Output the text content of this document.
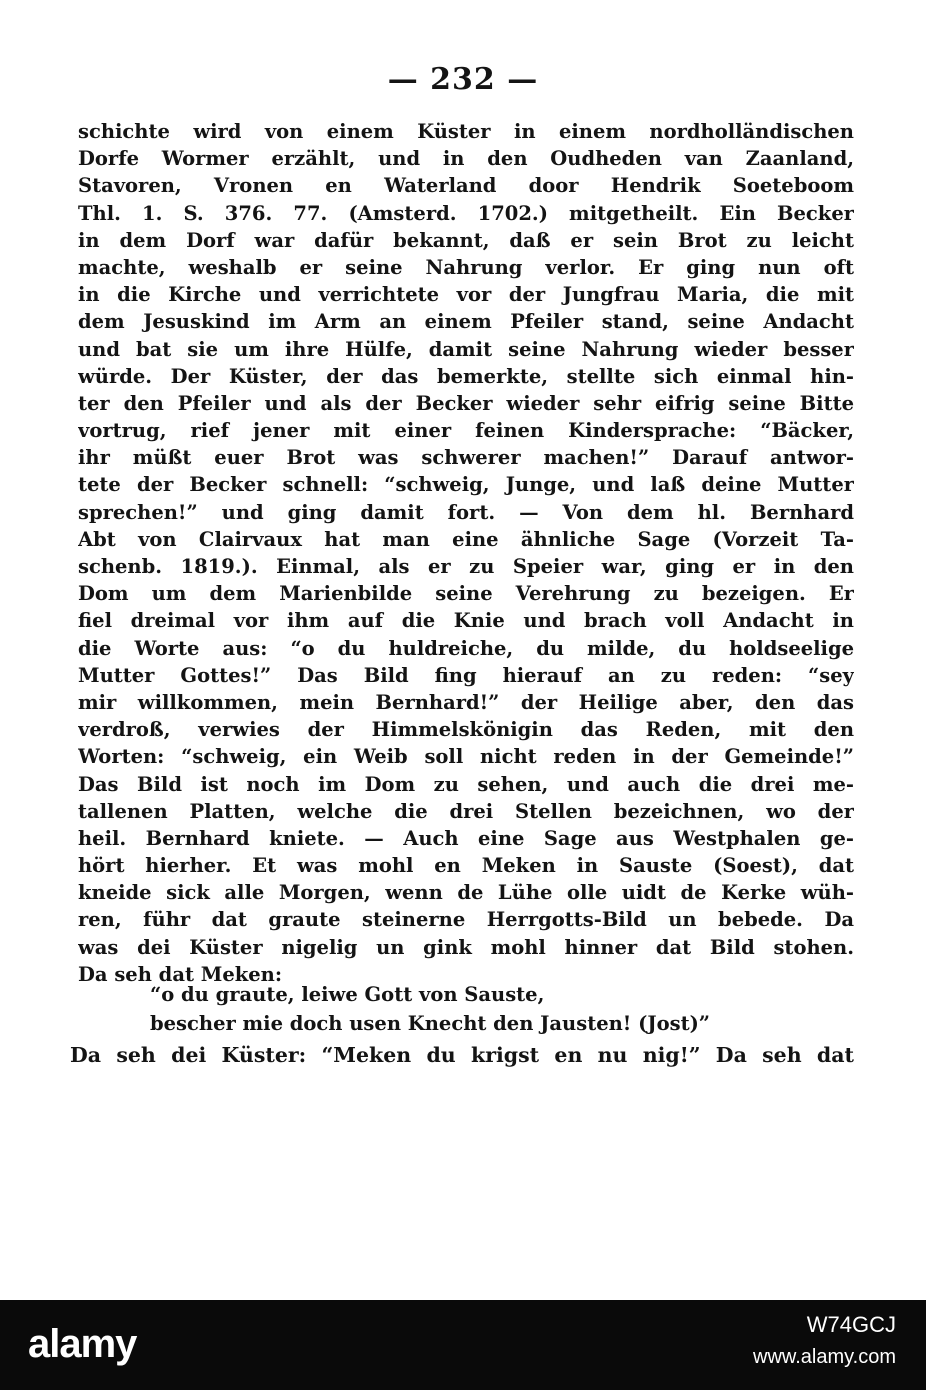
— 232 —
schichte wird von einem Küster in einem nordholländischen
Dorfe Wormer erzählt, und in den Oudheden van Zaanland,
Stavoren, Vronen en Waterland door Hendrik Soeteboom
Thl. 1. S. 376. 77. (Amsterd. 1702.) mitgetheilt. Ein Becker
in dem Dorf war dafür bekannt, daß er sein Brot zu leicht
machte, weshalb er seine Nahrung verlor. Er ging nun oft
in die Kirche und verrichtete vor der Jungfrau Maria, die mit
dem Jesuskind im Arm an einem Pfeiler stand, seine Andacht
und bat sie um ihre Hülfe, damit seine Nahrung wieder besser
würde. Der Küster, der das bemerkte, stellte sich einmal hin-
ter den Pfeiler und als der Becker wieder sehr eifrig seine Bitte
vortrug, rief jener mit einer feinen Kindersprache: “Bäcker,
ihr müßt euer Brot was schwerer machen!” Darauf antwor-
tete der Becker schnell: “schweig, Junge, und laß deine Mutter
sprechen!” und ging damit fort. — Von dem hl. Bernhard
Abt von Clairvaux hat man eine ähnliche Sage (Vorzeit Ta-
schenb. 1819.). Einmal, als er zu Speier war, ging er in den
Dom um dem Marienbilde seine Verehrung zu bezeigen. Er
fiel dreimal vor ihm auf die Knie und brach voll Andacht in
die Worte aus: “o du huldreiche, du milde, du holdseelige
Mutter Gottes!” Das Bild fing hierauf an zu reden: “sey
mir willkommen, mein Bernhard!” der Heilige aber, den das
verdroß, verwies der Himmelskönigin das Reden, mit den
Worten: “schweig, ein Weib soll nicht reden in der Gemeinde!”
Das Bild ist noch im Dom zu sehen, und auch die drei me-
tallenen Platten, welche die drei Stellen bezeichnen, wo der
heil. Bernhard kniete. — Auch eine Sage aus Westphalen ge-
hört hierher. Et was mohl en Meken in Sauste (Soest), dat
kneide sick alle Morgen, wenn de Lühe olle uidt de Kerke wüh-
ren, führ dat graute steinerne Herrgotts-Bild un bebede. Da
was dei Küster nigelig un gink mohl hinner dat Bild stohen.
Da seh dat Meken:
“o du graute, leiwe Gott von Sauste,
bescher mie doch usen Knecht den Jausten! (Jost)”
Da seh dei Küster: “Meken du krigst en nu nig!” Da seh dat
alamy	W74GCJ
www.alamy.com
